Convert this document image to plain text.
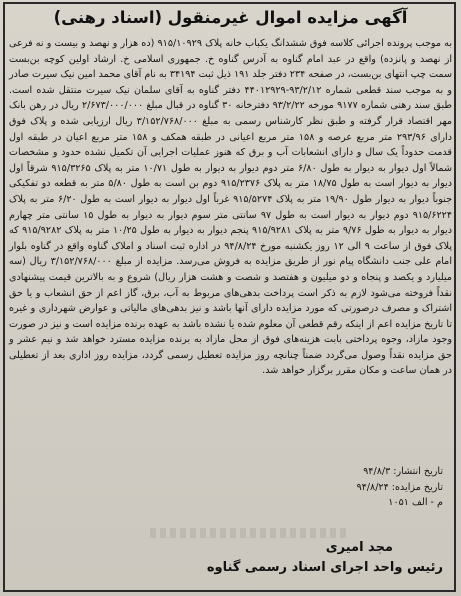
آگهی مزایده اموال غیرمنقول (اسناد رهنی)
به موجب پرونده اجرائی کلاسه فوق ششدانگ یکباب خانه پلاک ۹۱۵/۱۰۹۲۹ (ده هزار و نهصد و بیست و نه فرعی از نهصد و پانزده) واقع در عبد امام گناوه به آدرس گناوه خ. جمهوری اسلامی خ. ارشاد اولین کوچه بن‌بست سمت چپ انتهای بن‌بست، در صفحه ۲۳۴ دفتر جلد ۱۹۱ ذیل ثبت ۳۴۱۹۴ به نام آقای محمد امین نیک سیرت صادر و به موجب سند قطعی شماره ۹۳/۲/۱۲-۴۴۰۱۲۹۲۹ دفتر گناوه به آقای سلمان نیک سیرت منتقل شده است. طبق سند رهنی شماره ۹۱۷۷ مورخه ۹۳/۲/۲۲ دفترخانه ۳۰ گناوه در قبال مبلغ ۲/۶۷۳/۰۰۰/۰۰۰ ریال در رهن بانک مهر اقتصاد قرار گرفته و طبق نظر کارشناس رسمی به مبلغ ۳/۱۵۲/۷۶۸/۰۰۰ ریال ارزیابی شده و پلاک فوق دارای ۲۹۳/۹۶ متر مربع عرصه و ۱۵۸ متر مربع اعیانی در طبقه همکف و ۱۵۸ متر مربع اعیان در طبقه اول قدمت حدوداً یک سال و دارای انشعابات آب و برق که هنوز عملیات اجرایی آن تکمیل نشده حدود و مشخصات شمالاً اول دیوار به دیوار به طول ۶/۸۰ متر دوم دیوار به دیوار به طول ۱۰/۷۱ متر به پلاک ۹۱۵/۳۲۶۵ شرقاً اول دیوار به دیوار است به طول ۱۸/۷۵ متر به پلاک ۹۱۵/۲۳۷۶ دوم بن است به طول ۵/۸۰ متر به قطعه دو تفکیکی جنوباً دیوار به دیوار طول ۱۹/۹۰ متر به پلاک ۹۱۵/۵۲۷۴ غرباً اول دیوار به دیوار است به طول ۶/۲۰ متر به پلاک ۹۱۵/۶۲۲۴ دوم دیوار به دیوار است به طول ۹۷ سانتی متر سوم دیوار به دیوار به طول ۱۵ سانتی متر چهارم دیوار به دیوار به طول ۹/۷۶ متر به پلاک ۹۱۵/۹۲۸۱ پنجم دیوار به دیوار به طول ۱۰/۲۵ متر به پلاک ۹۱۵/۹۲۸۲ که پلاک فوق از ساعت ۹ الی ۱۲ روز یکشنبه مورخ ۹۴/۸/۲۴ در اداره ثبت اسناد و املاک گناوه واقع در گناوه بلوار امام علی جنب دانشگاه پیام نور از طریق مزایده به فروش می‌رسد. مزایده از مبلغ ۳/۱۵۲/۷۶۸/۰۰۰ ریال (سه میلیارد و یکصد و پنجاه و دو میلیون و هفتصد و شصت و هشت هزار ریال) شروع و به بالاترین قیمت پیشنهادی نقداً فروخته می‌شود لازم به ذکر است پرداخت بدهی‌های مربوط به آب، برق، گاز اعم از حق انشعاب و یا حق اشتراک و مصرف درصورتی که مورد مزایده دارای آنها باشد و نیز بدهی‌های مالیاتی و عوارض شهرداری و غیره تا تاریخ مزایده اعم از اینکه رقم قطعی آن معلوم شده یا نشده باشد به عهده برنده مزایده است و نیز در صورت وجود مازاد، وجوه پرداختی بابت هزینه‌های فوق از محل مازاد به برنده مزایده مسترد خواهد شد و نیم عشر و حق مزایده نقداً وصول می‌گردد ضمناً چنانچه روز مزایده تعطیل رسمی گردد، مزایده روز اداری بعد از تعطیلی در همان ساعت و مکان مقرر برگزار خواهد شد.
تاریخ انتشار: ۹۴/۸/۳
تاریخ مزایده: ۹۴/۸/۲۴
م - الف ۱۰۵۱
مجد امیری
رئیس واحد اجرای اسناد رسمی گناوه
